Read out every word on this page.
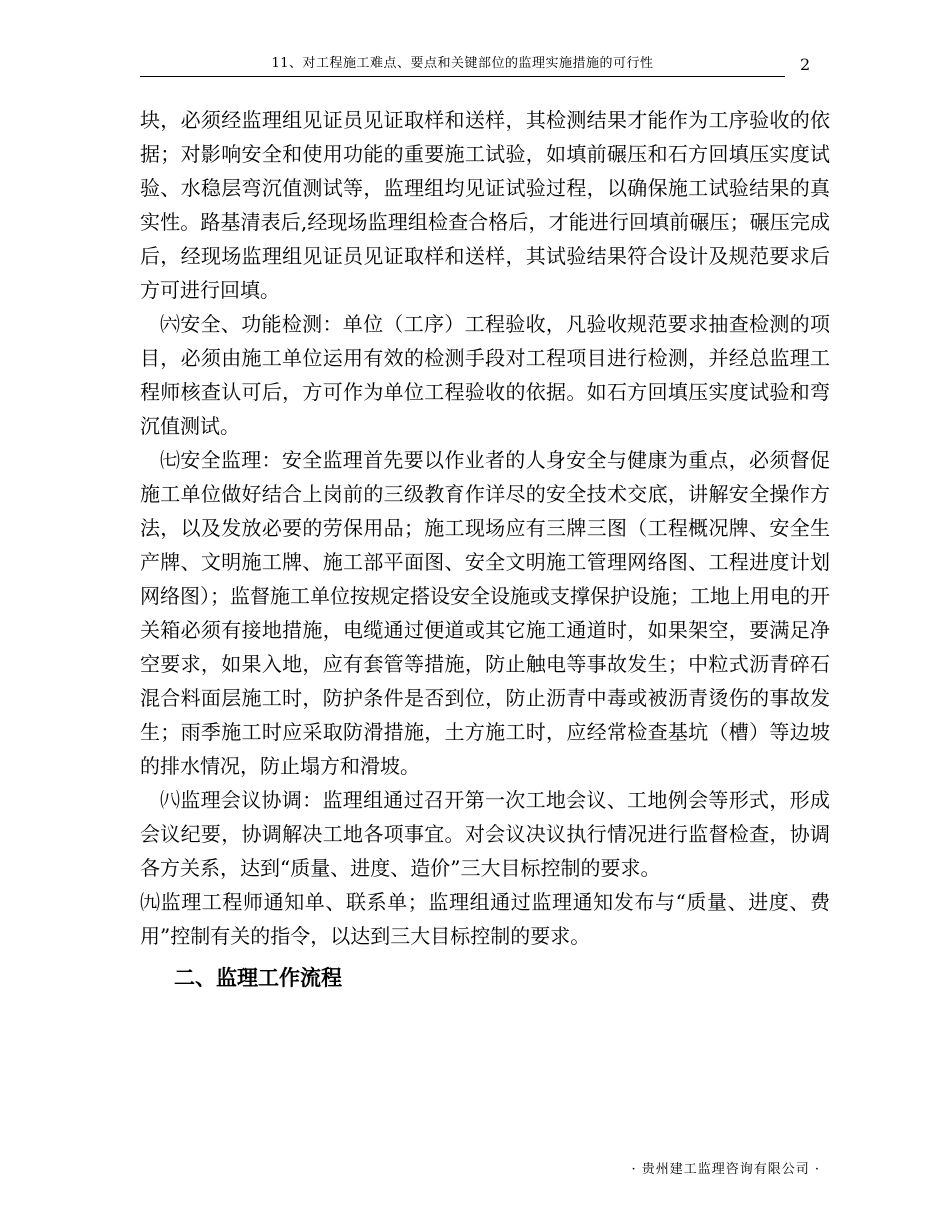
11、对工程施工难点、要点和关键部位的监理实施措施的可行性	2

块，必须经监理组见证员见证取样和送样，其检测结果才能作为工序验收的依据；对影响安全和使用功能的重要施工试验，如填前碾压和石方回填压实度试验、水稳层弯沉值测试等，监理组均见证试验过程，以确保施工试验结果的真实性。路基清表后,经现场监理组检查合格后，才能进行回填前碾压；碾压完成后，经现场监理组见证员见证取样和送样，其试验结果符合设计及规范要求后方可进行回填。

㈥安全、功能检测：单位（工序）工程验收，凡验收规范要求抽查检测的项目，必须由施工单位运用有效的检测手段对工程项目进行检测，并经总监理工程师核查认可后，方可作为单位工程验收的依据。如石方回填压实度试验和弯沉值测试。

㈦安全监理：安全监理首先要以作业者的人身安全与健康为重点，必须督促施工单位做好结合上岗前的三级教育作详尽的安全技术交底，讲解安全操作方法，以及发放必要的劳保用品；施工现场应有三牌三图（工程概况牌、安全生产牌、文明施工牌、施工部平面图、安全文明施工管理网络图、工程进度计划网络图）；监督施工单位按规定搭设安全设施或支撑保护设施；工地上用电的开关箱必须有接地措施，电缆通过便道或其它施工通道时，如果架空，要满足净空要求，如果入地，应有套管等措施，防止触电等事故发生；中粒式沥青碎石混合料面层施工时，防护条件是否到位，防止沥青中毒或被沥青烫伤的事故发生；雨季施工时应采取防滑措施，土方施工时，应经常检查基坑（槽）等边坡的排水情况，防止塌方和滑坡。

㈧监理会议协调：监理组通过召开第一次工地会议、工地例会等形式，形成会议纪要，协调解决工地各项事宜。对会议决议执行情况进行监督检查，协调各方关系，达到“质量、进度、造价”三大目标控制的要求。

㈨监理工程师通知单、联系单；监理组通过监理通知发布与“质量、进度、费用”控制有关的指令，以达到三大目标控制的要求。

二、监理工作流程
· 贵州建工监理咨询有限公司 ·
